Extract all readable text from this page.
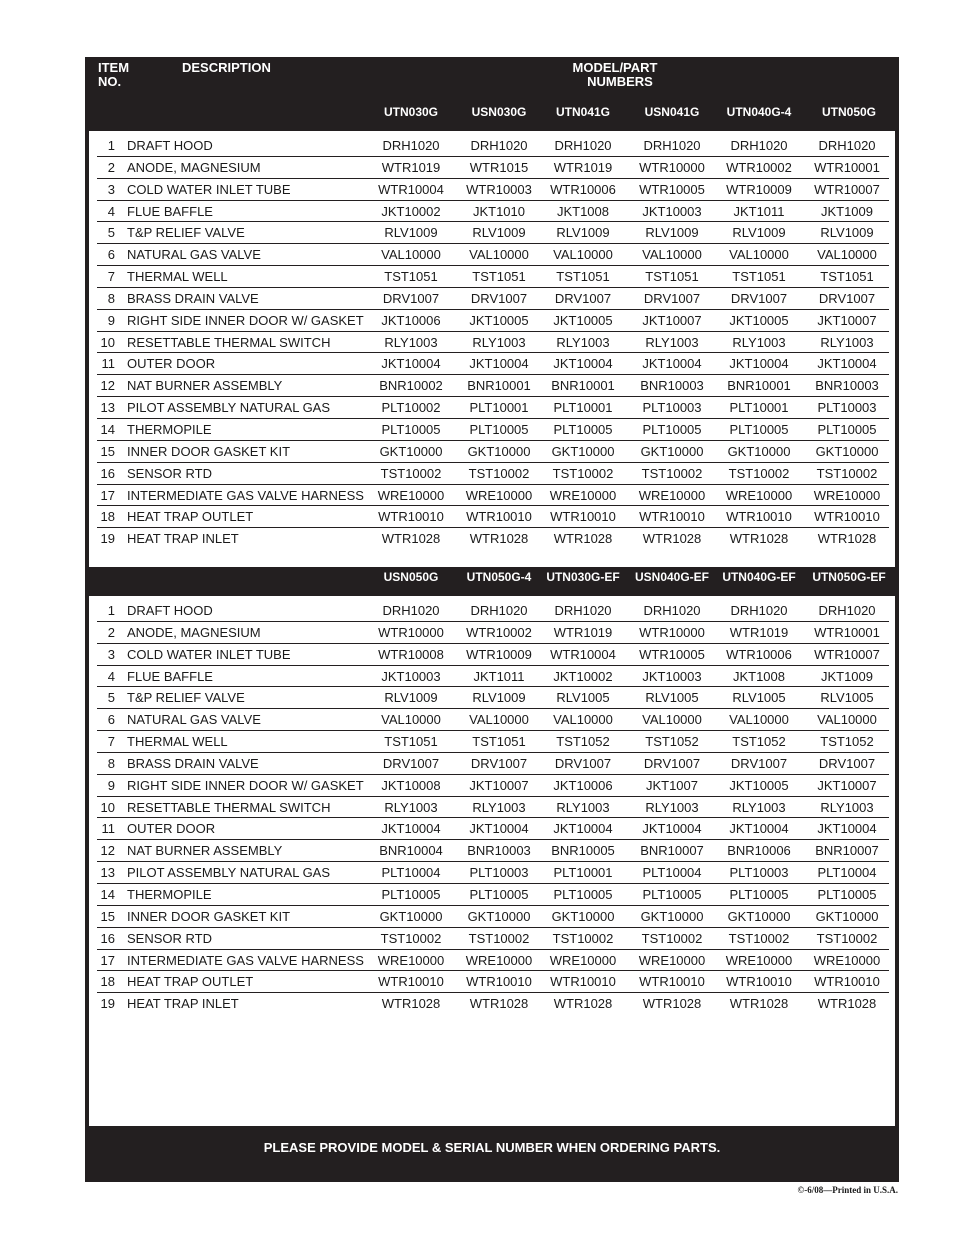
ITEM
NO.
DESCRIPTION	MODEL/PART
NUMBERS
UTN030G	USN030G	UTN041G	USN041G	UTN040G-4	UTN050G
1 DRAFT HOOD	DRH1020	DRH1020	DRH1020	DRH1020	DRH1020	DRH1020
2 ANODE, MAGNESIUM	WTR1019	WTR1015	WTR1019	WTR10000	WTR10002	WTR10001
3 COLD WATER INLET TUBE	WTR10004	WTR10003	WTR10006	WTR10005	WTR10009	WTR10007
4 FLUE BAFFLE	JKT10002	JKT1010	JKT1008	JKT10003	JKT1011	JKT1009
5 T&P RELIEF VALVE	RLV1009	RLV1009	RLV1009	RLV1009	RLV1009	RLV1009
6 NATURAL GAS VALVE	VAL10000	VAL10000	VAL10000	VAL10000	VAL10000	VAL10000
7 THERMAL WELL	TST1051	TST1051	TST1051	TST1051	TST1051	TST1051
8 BRASS DRAIN VALVE	DRV1007	DRV1007	DRV1007	DRV1007	DRV1007	DRV1007
9 RIGHT SIDE INNER DOOR W/ GASKET	JKT10006	JKT10005	JKT10005	JKT10007	JKT10005	JKT10007
10 RESETTABLE THERMAL SWITCH	RLY1003	RLY1003	RLY1003	RLY1003	RLY1003	RLY1003
11 OUTER DOOR	JKT10004	JKT10004	JKT10004	JKT10004	JKT10004	JKT10004
12 NAT BURNER ASSEMBLY	BNR10002	BNR10001	BNR10001	BNR10003	BNR10001	BNR10003
13 PILOT ASSEMBLY NATURAL GAS	PLT10002	PLT10001	PLT10001	PLT10003	PLT10001	PLT10003
14 THERMOPILE	PLT10005	PLT10005	PLT10005	PLT10005	PLT10005	PLT10005
15 INNER DOOR GASKET KIT	GKT10000	GKT10000	GKT10000	GKT10000	GKT10000	GKT10000
16 SENSOR RTD	TST10002	TST10002	TST10002	TST10002	TST10002	TST10002
17 INTERMEDIATE GAS VALVE HARNESS	WRE10000	WRE10000	WRE10000	WRE10000	WRE10000	WRE10000
18 HEAT TRAP OUTLET	WTR10010	WTR10010	WTR10010	WTR10010	WTR10010	WTR10010
19 HEAT TRAP INLET	WTR1028	WTR1028	WTR1028	WTR1028	WTR1028	WTR1028
USN050G	UTN050G-4	UTN030G-EF	USN040G-EF	UTN040G-EF	UTN050G-EF
1 DRAFT HOOD	DRH1020	DRH1020	DRH1020	DRH1020	DRH1020	DRH1020
2 ANODE, MAGNESIUM	WTR10000	WTR10002	WTR1019	WTR10000	WTR1019	WTR10001
3 COLD WATER INLET TUBE	WTR10008	WTR10009	WTR10004	WTR10005	WTR10006	WTR10007
4 FLUE BAFFLE	JKT10003	JKT1011	JKT10002	JKT10003	JKT1008	JKT1009
5 T&P RELIEF VALVE	RLV1009	RLV1009	RLV1005	RLV1005	RLV1005	RLV1005
6 NATURAL GAS VALVE	VAL10000	VAL10000	VAL10000	VAL10000	VAL10000	VAL10000
7 THERMAL WELL	TST1051	TST1051	TST1052	TST1052	TST1052	TST1052
8 BRASS DRAIN VALVE	DRV1007	DRV1007	DRV1007	DRV1007	DRV1007	DRV1007
9 RIGHT SIDE INNER DOOR W/ GASKET	JKT10008	JKT10007	JKT10006	JKT1007	JKT10005	JKT10007
10 RESETTABLE THERMAL SWITCH	RLY1003	RLY1003	RLY1003	RLY1003	RLY1003	RLY1003
11 OUTER DOOR	JKT10004	JKT10004	JKT10004	JKT10004	JKT10004	JKT10004
12 NAT BURNER ASSEMBLY	BNR10004	BNR10003	BNR10005	BNR10007	BNR10006	BNR10007
13 PILOT ASSEMBLY NATURAL GAS	PLT10004	PLT10003	PLT10001	PLT10004	PLT10003	PLT10004
14 THERMOPILE	PLT10005	PLT10005	PLT10005	PLT10005	PLT10005	PLT10005
15 INNER DOOR GASKET KIT	GKT10000	GKT10000	GKT10000	GKT10000	GKT10000	GKT10000
16 SENSOR RTD	TST10002	TST10002	TST10002	TST10002	TST10002	TST10002
17 INTERMEDIATE GAS VALVE HARNESS	WRE10000	WRE10000	WRE10000	WRE10000	WRE10000	WRE10000
18 HEAT TRAP OUTLET	WTR10010	WTR10010	WTR10010	WTR10010	WTR10010	WTR10010
19 HEAT TRAP INLET	WTR1028	WTR1028	WTR1028	WTR1028	WTR1028	WTR1028
PLEASE PROVIDE MODEL & SERIAL NUMBER WHEN ORDERING PARTS.
©-6/08—Printed in U.S.A.
